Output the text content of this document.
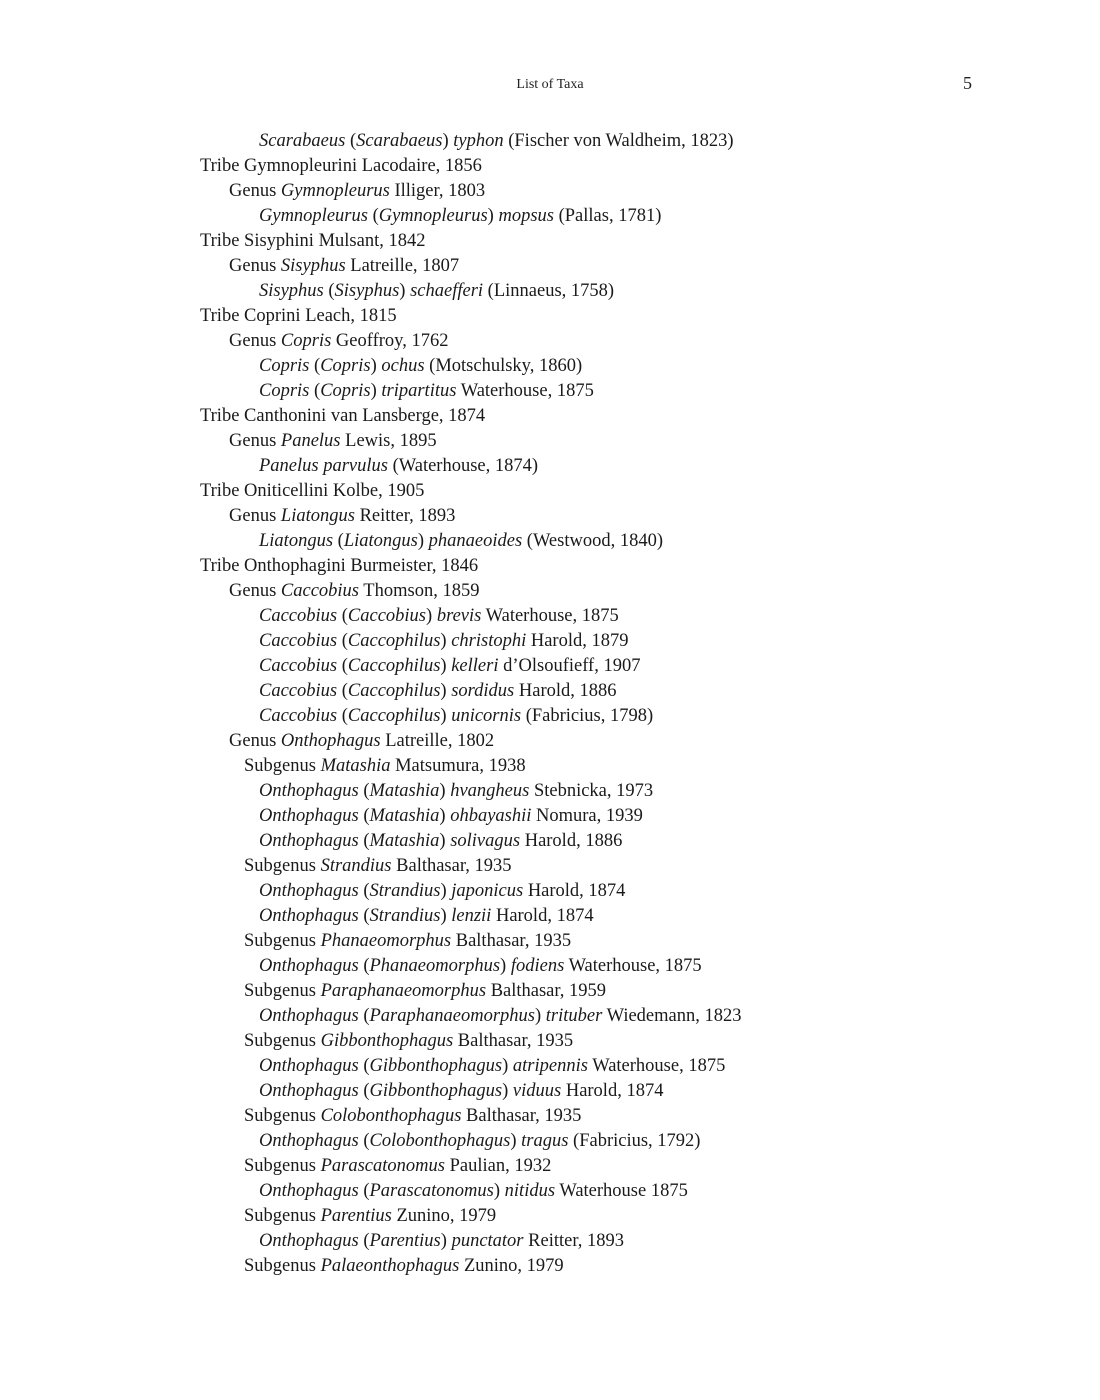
List of Taxa	5
Scarabaeus (Scarabaeus) typhon (Fischer von Waldheim, 1823)
Tribe Gymnopleurini Lacodaire, 1856
Genus Gymnopleurus Illiger, 1803
Gymnopleurus (Gymnopleurus) mopsus (Pallas, 1781)
Tribe Sisyphini Mulsant, 1842
Genus Sisyphus Latreille, 1807
Sisyphus (Sisyphus) schaefferi (Linnaeus, 1758)
Tribe Coprini Leach, 1815
Genus Copris Geoffroy, 1762
Copris (Copris) ochus (Motschulsky, 1860)
Copris (Copris) tripartitus Waterhouse, 1875
Tribe Canthonini van Lansberge, 1874
Genus Panelus Lewis, 1895
Panelus parvulus (Waterhouse, 1874)
Tribe Oniticellini Kolbe, 1905
Genus Liatongus Reitter, 1893
Liatongus (Liatongus) phanaeoides (Westwood, 1840)
Tribe Onthophagini Burmeister, 1846
Genus Caccobius Thomson, 1859
Caccobius (Caccobius) brevis Waterhouse, 1875
Caccobius (Caccophilus) christophi Harold, 1879
Caccobius (Caccophilus) kelleri d’Olsoufieff, 1907
Caccobius (Caccophilus) sordidus Harold, 1886
Caccobius (Caccophilus) unicornis (Fabricius, 1798)
Genus Onthophagus Latreille, 1802
Subgenus Matashia Matsumura, 1938
Onthophagus (Matashia) hvangheus Stebnicka, 1973
Onthophagus (Matashia) ohbayashii Nomura, 1939
Onthophagus (Matashia) solivagus Harold, 1886
Subgenus Strandius Balthasar, 1935
Onthophagus (Strandius) japonicus Harold, 1874
Onthophagus (Strandius) lenzii Harold, 1874
Subgenus Phanaeomorphus Balthasar, 1935
Onthophagus (Phanaeomorphus) fodiens Waterhouse, 1875
Subgenus Paraphanaeomorphus Balthasar, 1959
Onthophagus (Paraphanaeomorphus) trituber Wiedemann, 1823
Subgenus Gibbonthophagus Balthasar, 1935
Onthophagus (Gibbonthophagus) atripennis Waterhouse, 1875
Onthophagus (Gibbonthophagus) viduus Harold, 1874
Subgenus Colobonthophagus Balthasar, 1935
Onthophagus (Colobonthophagus) tragus (Fabricius, 1792)
Subgenus Parascatonomus Paulian, 1932
Onthophagus (Parascatonomus) nitidus Waterhouse 1875
Subgenus Parentius Zunino, 1979
Onthophagus (Parentius) punctator Reitter, 1893
Subgenus Palaeonthophagus Zunino, 1979
